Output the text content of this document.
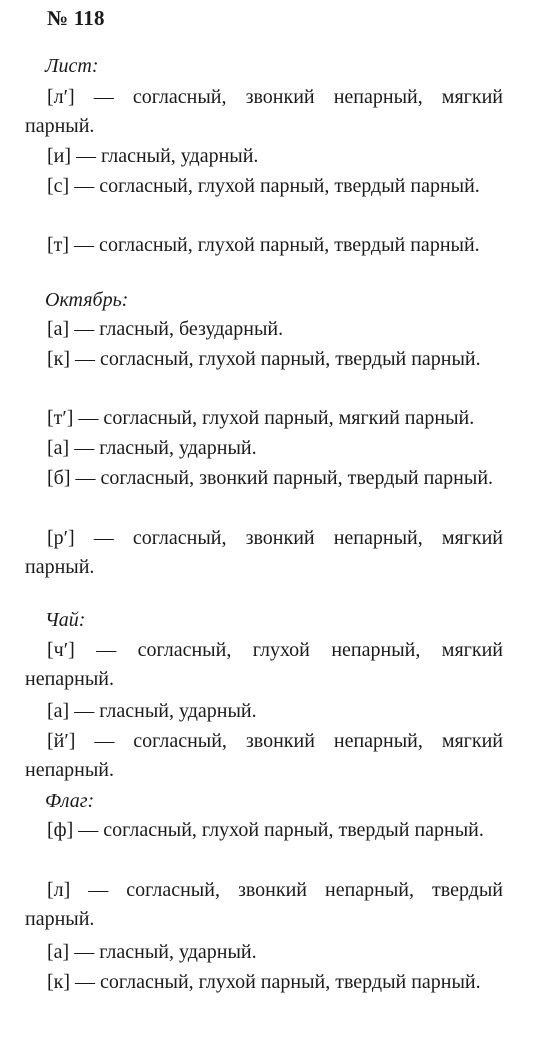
№ 118
Лист:

[л′] — согласный, звонкий непарный, мягкий парный.

[и] — гласный, ударный.

[с] — согласный, глухой парный, твердый парный.

[т] — согласный, глухой парный, твердый парный.

Октябрь:

[а] — гласный, безударный.

[к] — согласный, глухой парный, твердый парный.

[т′] — согласный, глухой парный, мягкий парный.

[а] — гласный, ударный.

[б] — согласный, звонкий парный, твердый парный.

[р′] — согласный, звонкий непарный, мягкий парный.

Чай:

[ч′] — согласный, глухой непарный, мягкий непарный.

[а] — гласный, ударный.

[й′] — согласный, звонкий непарный, мягкий непарный.

Флаг:

[ф] — согласный, глухой парный, твердый парный.

[л] — согласный, звонкий непарный, твердый парный.

[а] — гласный, ударный.

[к] — согласный, глухой парный, твердый парный.
